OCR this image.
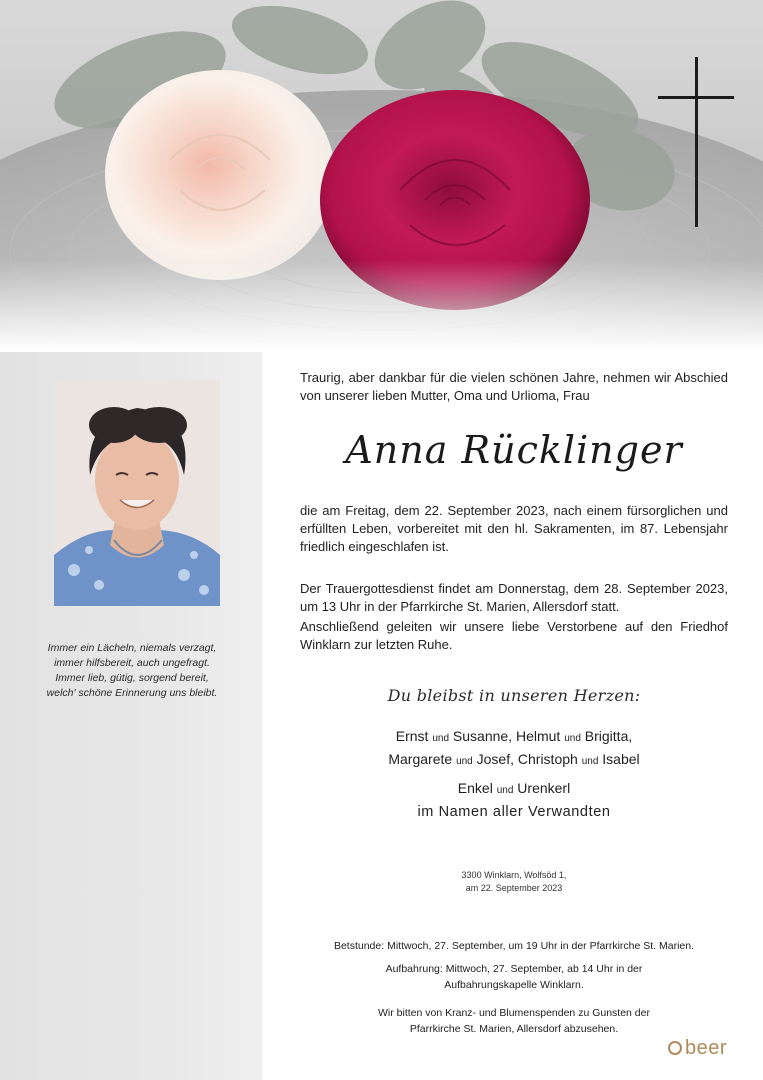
Immer ein Lächeln, niemals verzagt,
immer hilfsbereit, auch ungefragt.
Immer lieb, gütig, sorgend bereit,
welch' schöne Erinnerung uns bleibt.
Traurig, aber dankbar für die vielen schönen Jahre, nehmen wir Abschied von unserer lieben Mutter, Oma und Urlioma, Frau
Anna Rücklinger
die am Freitag, dem 22. September 2023, nach einem fürsorglichen und erfüllten Leben, vorbereitet mit den hl. Sakramenten, im 87. Lebensjahr friedlich eingeschlafen ist.
Der Trauergottesdienst findet am Donnerstag, dem 28. September 2023, um 13 Uhr in der Pfarrkirche St. Marien, Allersdorf statt.
Anschließend geleiten wir unsere liebe Verstorbene auf den Friedhof Winklarn zur letzten Ruhe.
Du bleibst in unseren Herzen:
Ernst und Susanne, Helmut und Brigitta,
Margarete und Josef, Christoph und Isabel
Enkel und Urenkerl
im Namen aller Verwandten
3300 Winklarn, Wolfsöd 1,
am 22. September 2023
Betstunde: Mittwoch, 27. September, um 19 Uhr in der Pfarrkirche St. Marien.
Aufbahrung: Mittwoch, 27. September, ab 14 Uhr in der
Aufbahrungskapelle Winklarn.
Wir bitten von Kranz- und Blumenspenden zu Gunsten der
Pfarrkirche St. Marien, Allersdorf abzusehen.
beer
